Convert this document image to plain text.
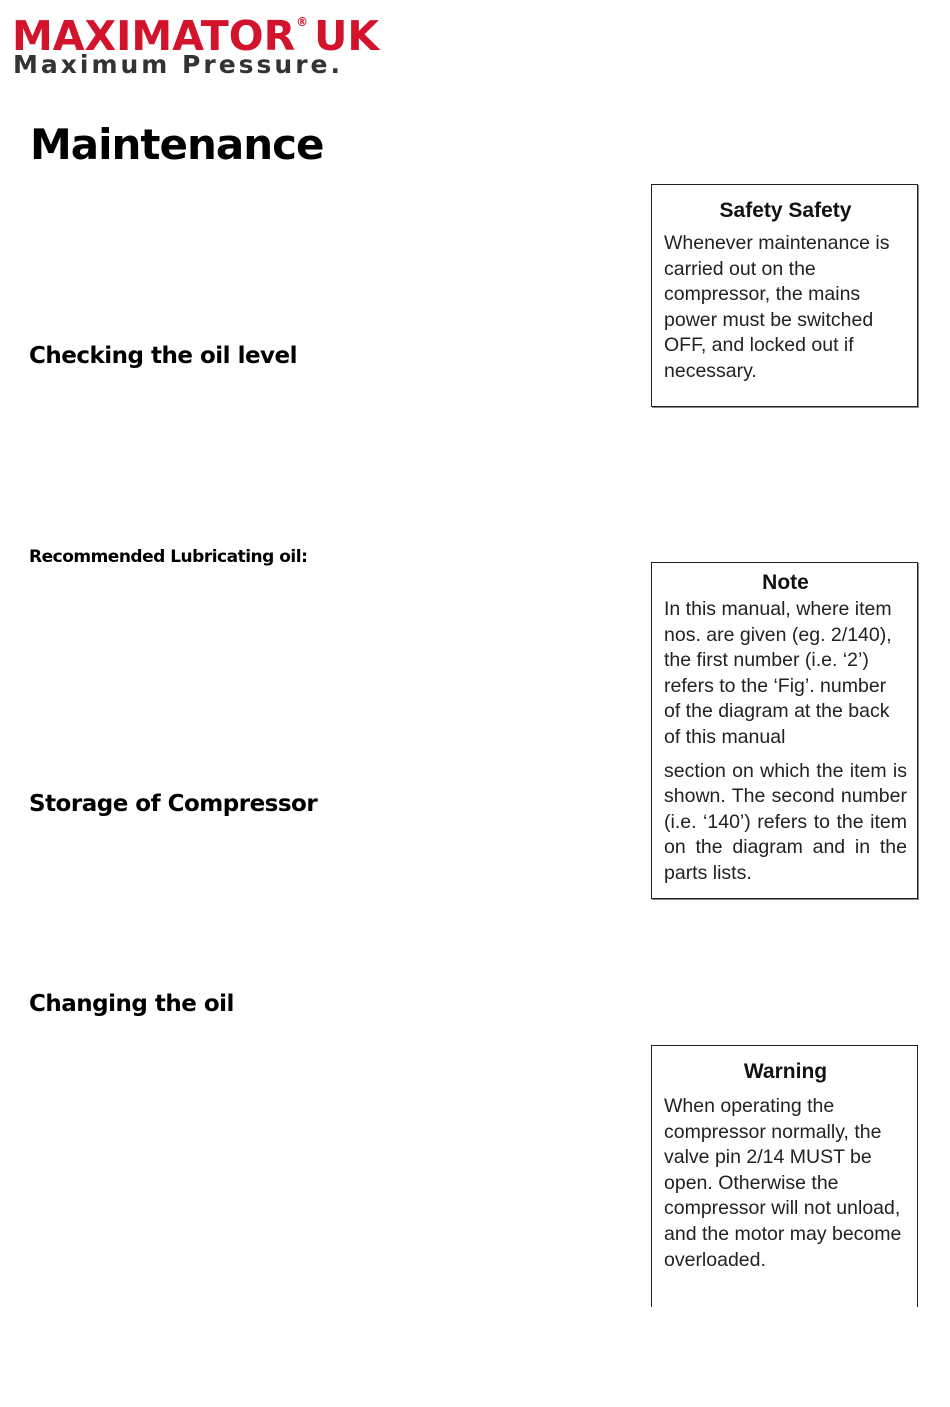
MAXIMATOR® UK
Maximum Pressure.
Maintenance
Checking the oil level
Recommended Lubricating oil:
Storage of Compressor
Changing the oil

Safety Safety

Whenever maintenance is carried out on the compressor, the mains power must be switched OFF, and locked out if necessary.

Note

In this manual, where item nos. are given (eg. 2/140), the first number (i.e. ‘2’) refers to the ‘Fig’. number of the diagram at the back of this manual

section on which the item is shown. The second number (i.e. ‘140’) refers to the item on the diagram and in the parts lists.

Warning

When operating the compressor normally, the valve pin 2/14 MUST be open. Otherwise the compressor will not unload, and the motor may become overloaded.
